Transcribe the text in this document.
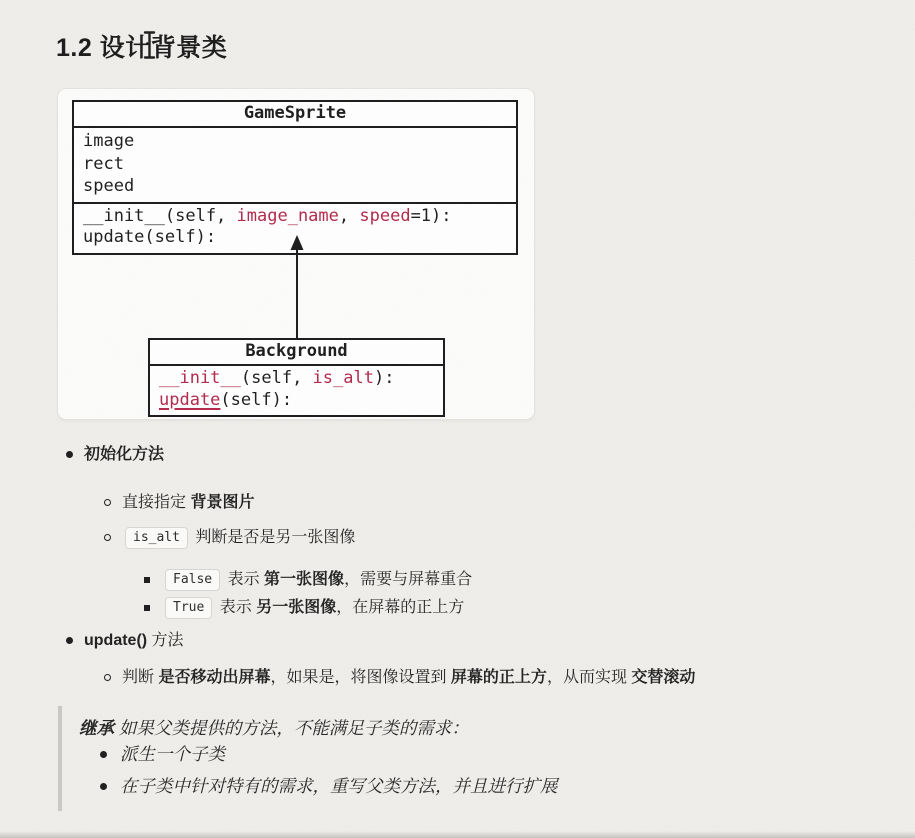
1.2 设计背景类
GameSprite
image
rect
speed
__init__(self, image_name, speed=1):
update(self):
Background
__init__(self, is_alt):
update(self):
初始化方法
直接指定 背景图片
is_alt 判断是否是另一张图像
False 表示 第一张图像，需要与屏幕重合
True 表示 另一张图像，在屏幕的正上方
update() 方法
判断 是否移动出屏幕，如果是，将图像设置到 屏幕的正上方，从而实现 交替滚动
继承 如果父类提供的方法，不能满足子类的需求：
派生一个子类
在子类中针对特有的需求，重写父类方法，并且进行扩展
